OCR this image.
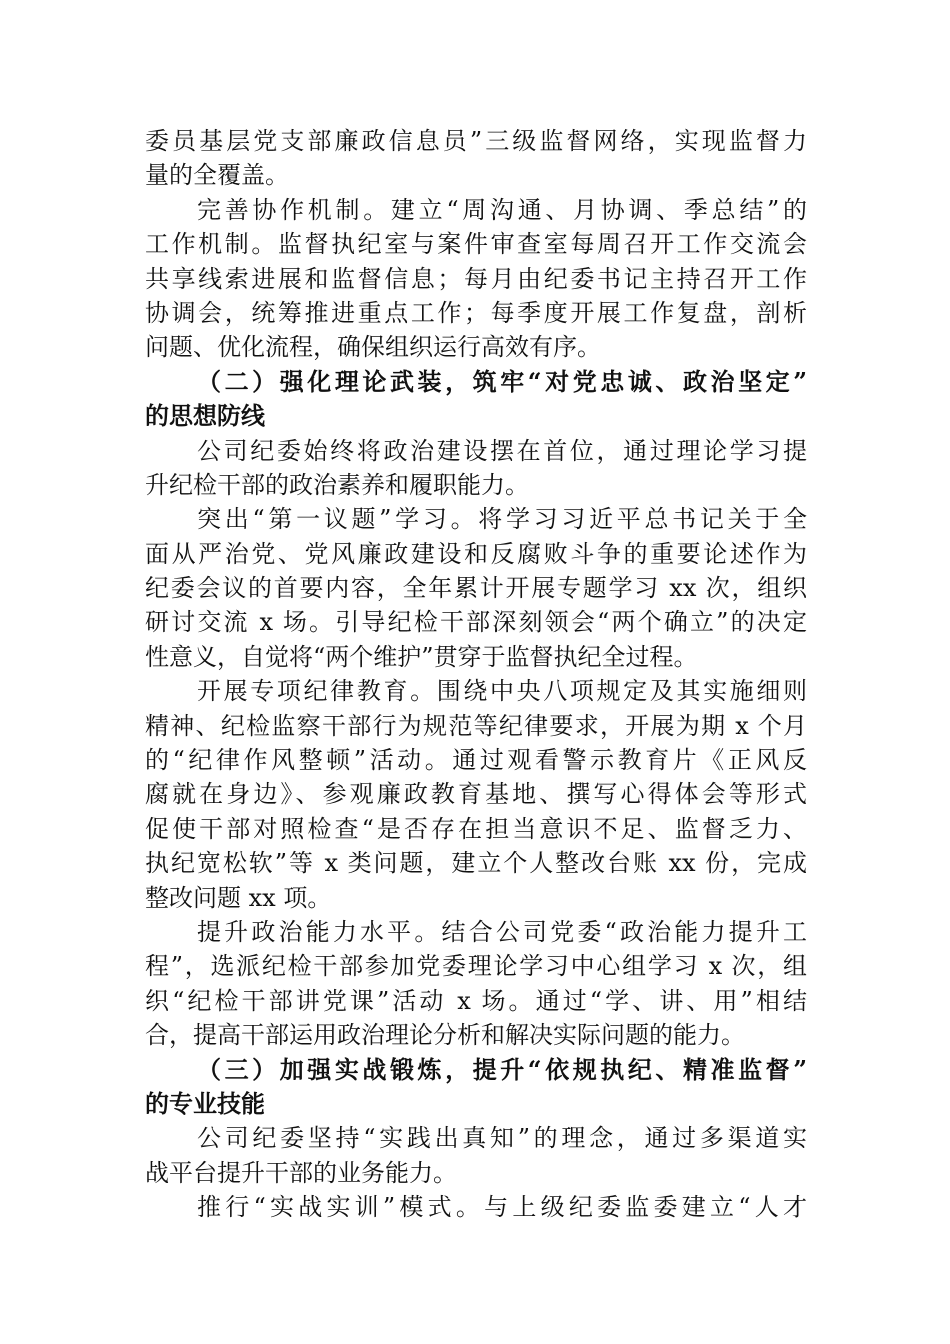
委员基层党支部廉政信息员”三级监督网络，实现监督力
量的全覆盖。
完善协作机制。建立“周沟通、月协调、季总结”的
工作机制。监督执纪室与案件审查室每周召开工作交流会
共享线索进展和监督信息；每月由纪委书记主持召开工作
协调会，统筹推进重点工作；每季度开展工作复盘，剖析
问题、优化流程，确保组织运行高效有序。
（二）强化理论武装，筑牢“对党忠诚、政治坚定”
的思想防线
公司纪委始终将政治建设摆在首位，通过理论学习提
升纪检干部的政治素养和履职能力。
突出“第一议题”学习。将学习习近平总书记关于全
面从严治党、党风廉政建设和反腐败斗争的重要论述作为
纪委会议的首要内容，全年累计开展专题学习 xx 次，组织
研讨交流 x 场。引导纪检干部深刻领会“两个确立”的决定
性意义，自觉将“两个维护”贯穿于监督执纪全过程。
开展专项纪律教育。围绕中央八项规定及其实施细则
精神、纪检监察干部行为规范等纪律要求，开展为期 x 个月
的“纪律作风整顿”活动。通过观看警示教育片《正风反
腐就在身边》、参观廉政教育基地、撰写心得体会等形式
促使干部对照检查“是否存在担当意识不足、监督乏力、
执纪宽松软”等 x 类问题，建立个人整改台账 xx 份，完成
整改问题 xx 项。
提升政治能力水平。结合公司党委“政治能力提升工
程”，选派纪检干部参加党委理论学习中心组学习 x 次，组
织“纪检干部讲党课”活动 x 场。通过“学、讲、用”相结
合，提高干部运用政治理论分析和解决实际问题的能力。
（三）加强实战锻炼，提升“依规执纪、精准监督”
的专业技能
公司纪委坚持“实践出真知”的理念，通过多渠道实
战平台提升干部的业务能力。
推行“实战实训”模式。与上级纪委监委建立“人才
